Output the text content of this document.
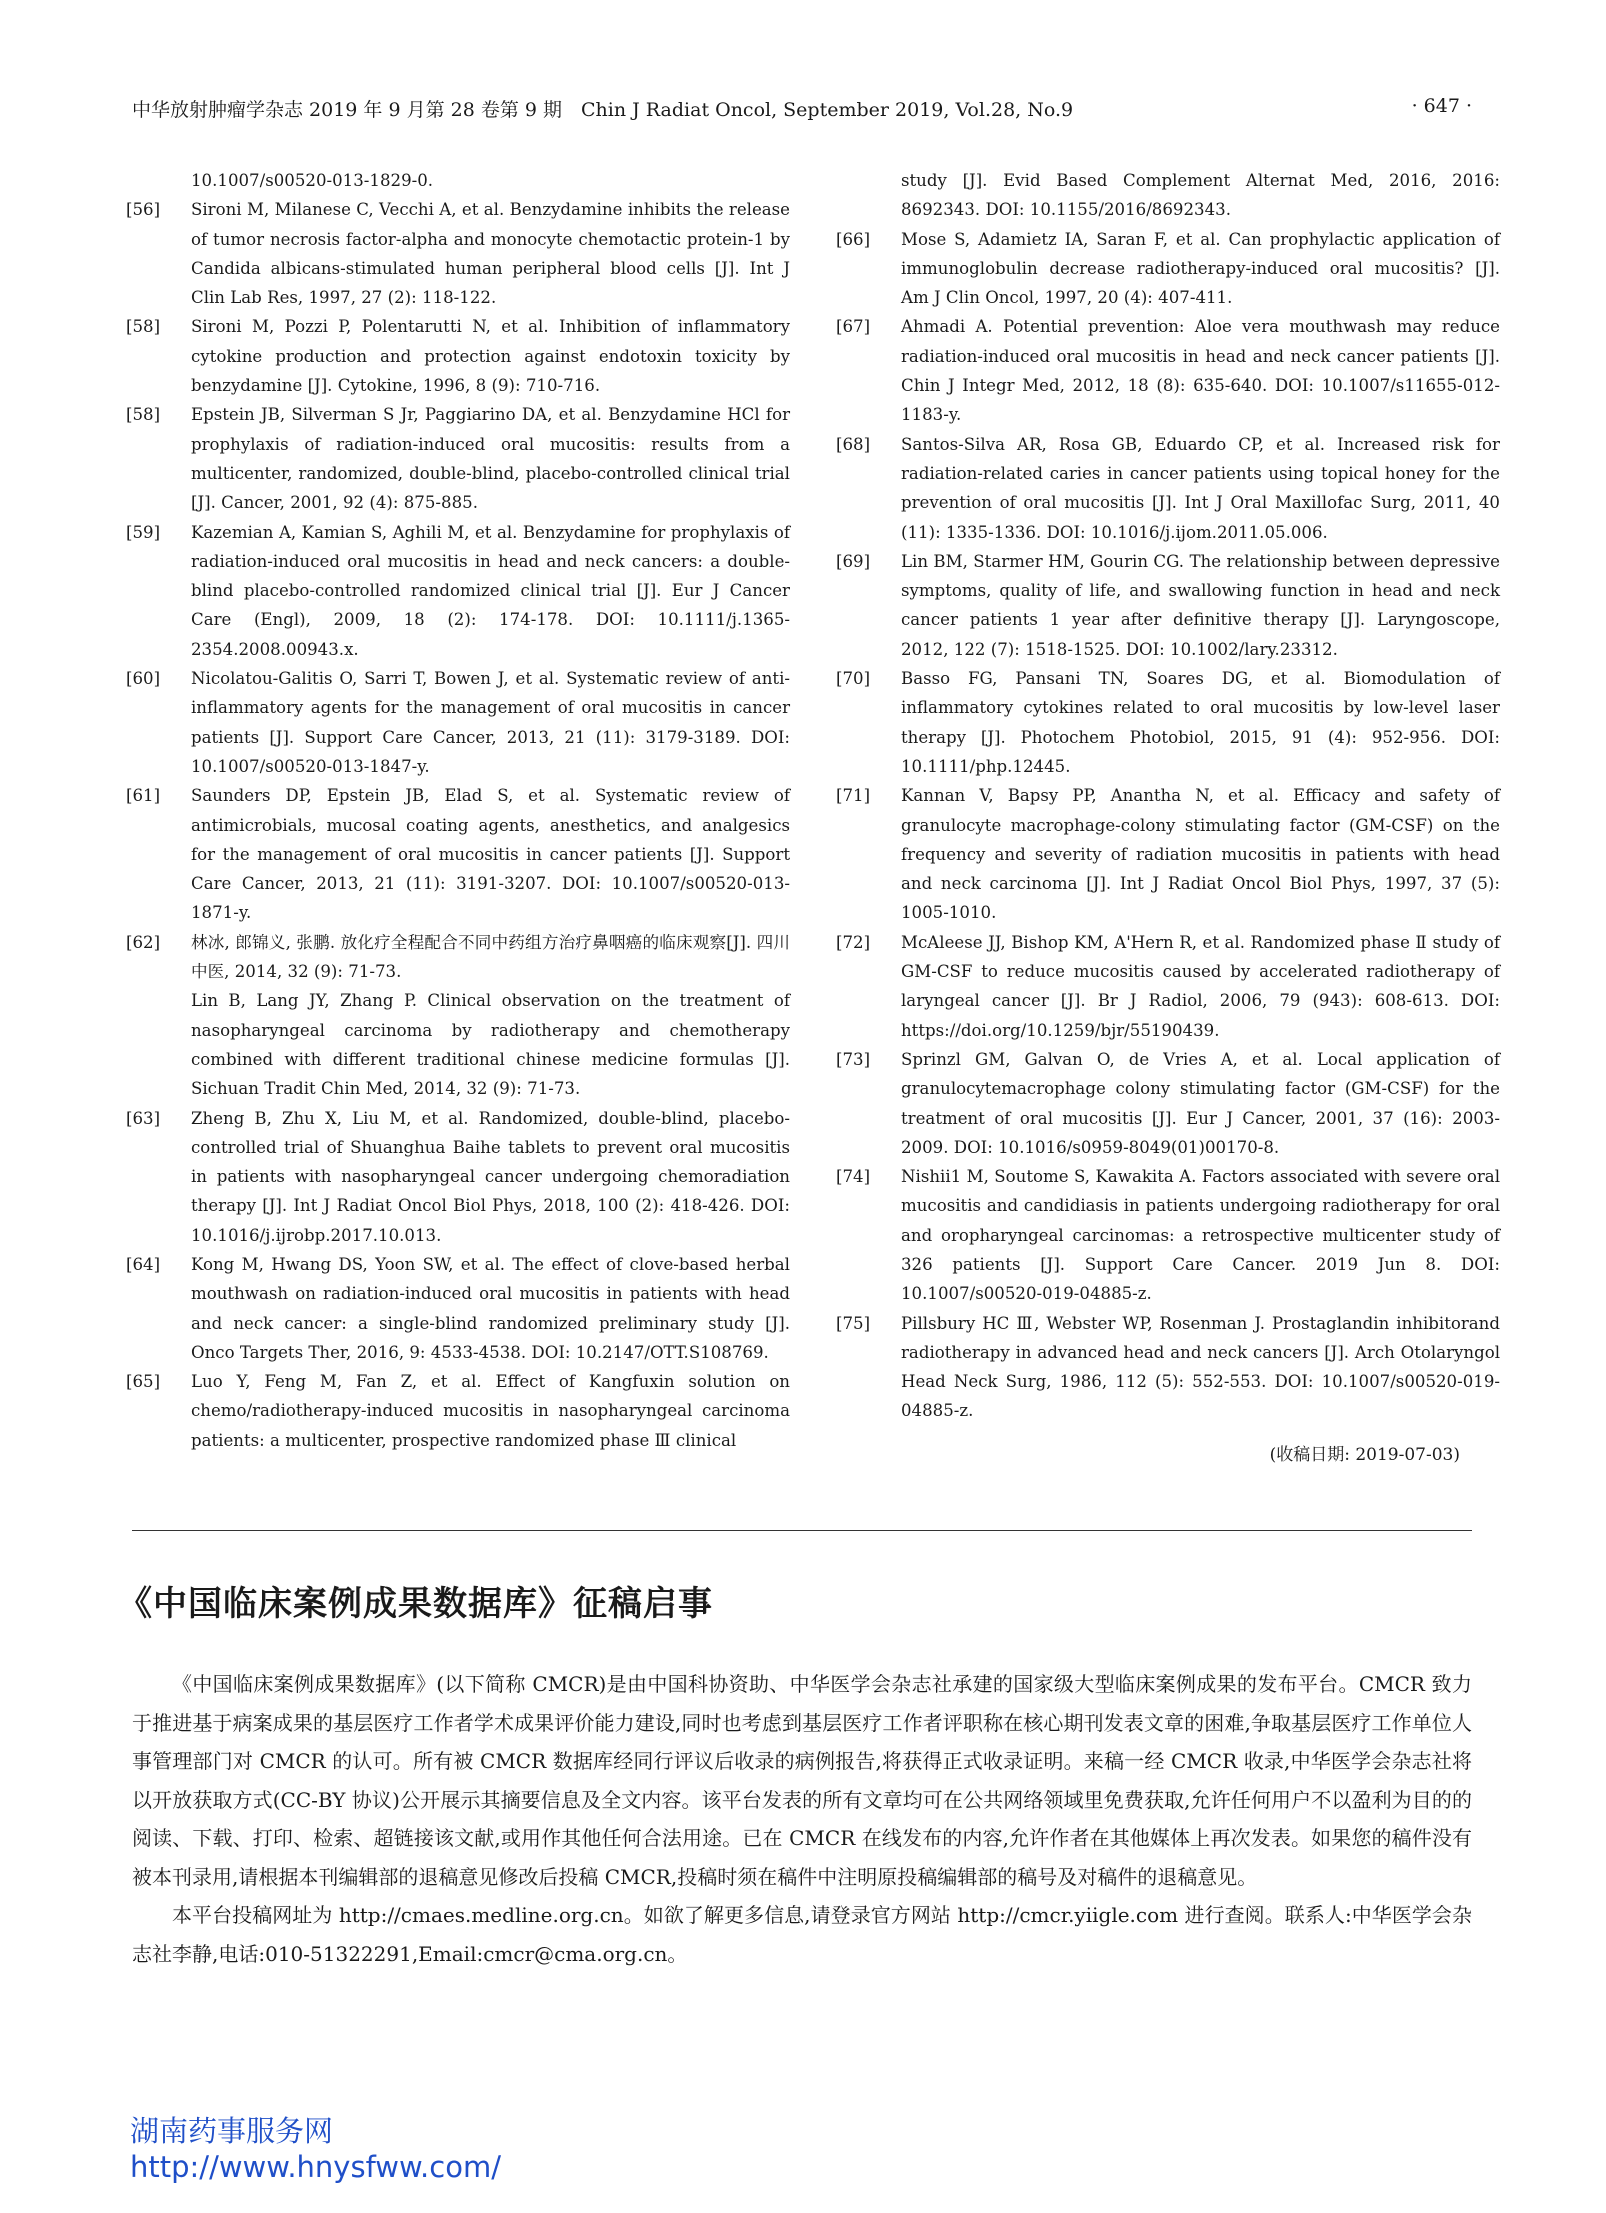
中华放射肿瘤学杂志 2019 年 9 月第 28 卷第 9 期　Chin J Radiat Oncol, September 2019, Vol.28, No.9	· 647 ·

10.1007/s00520-013-1829-0.

[56] Sironi M, Milanese C, Vecchi A, et al. Benzydamine inhibits the release of tumor necrosis factor-alpha and monocyte chemotactic protein-1 by Candida albicans-stimulated human peripheral blood cells [J]. Int J Clin Lab Res, 1997, 27 (2): 118-122.

[58] Sironi M, Pozzi P, Polentarutti N, et al. Inhibition of inflammatory cytokine production and protection against endotoxin toxicity by benzydamine [J]. Cytokine, 1996, 8 (9): 710-716.

[58] Epstein JB, Silverman S Jr, Paggiarino DA, et al. Benzydamine HCl for prophylaxis of radiation-induced oral mucositis: results from a multicenter, randomized, double-blind, placebo-controlled clinical trial [J]. Cancer, 2001, 92 (4): 875-885.

[59] Kazemian A, Kamian S, Aghili M, et al. Benzydamine for prophylaxis of radiation-induced oral mucositis in head and neck cancers: a double-blind placebo-controlled randomized clinical trial [J]. Eur J Cancer Care (Engl), 2009, 18 (2): 174-178. DOI: 10.1111/j.1365-2354.2008.00943.x.

[60] Nicolatou-Galitis O, Sarri T, Bowen J, et al. Systematic review of anti-inflammatory agents for the management of oral mucositis in cancer patients [J]. Support Care Cancer, 2013, 21 (11): 3179-3189. DOI: 10.1007/s00520-013-1847-y.

[61] Saunders DP, Epstein JB, Elad S, et al. Systematic review of antimicrobials, mucosal coating agents, anesthetics, and analgesics for the management of oral mucositis in cancer patients [J]. Support Care Cancer, 2013, 21 (11): 3191-3207. DOI: 10.1007/s00520-013-1871-y.

[62] 林冰, 郎锦义, 张鹏. 放化疗全程配合不同中药组方治疗鼻咽癌的临床观察[J]. 四川中医, 2014, 32 (9): 71-73.

Lin B, Lang JY, Zhang P. Clinical observation on the treatment of nasopharyngeal carcinoma by radiotherapy and chemotherapy combined with different traditional chinese medicine formulas [J]. Sichuan Tradit Chin Med, 2014, 32 (9): 71-73.

[63] Zheng B, Zhu X, Liu M, et al. Randomized, double-blind, placebo-controlled trial of Shuanghua Baihe tablets to prevent oral mucositis in patients with nasopharyngeal cancer undergoing chemoradiation therapy [J]. Int J Radiat Oncol Biol Phys, 2018, 100 (2): 418-426. DOI: 10.1016/j.ijrobp.2017.10.013.

[64] Kong M, Hwang DS, Yoon SW, et al. The effect of clove-based herbal mouthwash on radiation-induced oral mucositis in patients with head and neck cancer: a single-blind randomized preliminary study [J]. Onco Targets Ther, 2016, 9: 4533-4538. DOI: 10.2147/OTT.S108769.

[65] Luo Y, Feng M, Fan Z, et al. Effect of Kangfuxin solution on chemo/radiotherapy-induced mucositis in nasopharyngeal carcinoma patients: a multicenter, prospective randomized phase Ⅲ clinical

study [J]. Evid Based Complement Alternat Med, 2016, 2016: 8692343. DOI: 10.1155/2016/8692343.

[66] Mose S, Adamietz IA, Saran F, et al. Can prophylactic application of immunoglobulin decrease radiotherapy-induced oral mucositis? [J]. Am J Clin Oncol, 1997, 20 (4): 407-411.

[67] Ahmadi A. Potential prevention: Aloe vera mouthwash may reduce radiation-induced oral mucositis in head and neck cancer patients [J]. Chin J Integr Med, 2012, 18 (8): 635-640. DOI: 10.1007/s11655-012-1183-y.

[68] Santos-Silva AR, Rosa GB, Eduardo CP, et al. Increased risk for radiation-related caries in cancer patients using topical honey for the prevention of oral mucositis [J]. Int J Oral Maxillofac Surg, 2011, 40 (11): 1335-1336. DOI: 10.1016/j.ijom.2011.05.006.

[69] Lin BM, Starmer HM, Gourin CG. The relationship between depressive symptoms, quality of life, and swallowing function in head and neck cancer patients 1 year after definitive therapy [J]. Laryngoscope, 2012, 122 (7): 1518-1525. DOI: 10.1002/lary.23312.

[70] Basso FG, Pansani TN, Soares DG, et al. Biomodulation of inflammatory cytokines related to oral mucositis by low-level laser therapy [J]. Photochem Photobiol, 2015, 91 (4): 952-956. DOI: 10.1111/php.12445.

[71] Kannan V, Bapsy PP, Anantha N, et al. Efficacy and safety of granulocyte macrophage-colony stimulating factor (GM-CSF) on the frequency and severity of radiation mucositis in patients with head and neck carcinoma [J]. Int J Radiat Oncol Biol Phys, 1997, 37 (5): 1005-1010.

[72] McAleese JJ, Bishop KM, A'Hern R, et al. Randomized phase Ⅱ study of GM-CSF to reduce mucositis caused by accelerated radiotherapy of laryngeal cancer [J]. Br J Radiol, 2006, 79 (943): 608-613. DOI: https://doi.org/10.1259/bjr/55190439.

[73] Sprinzl GM, Galvan O, de Vries A, et al. Local application of granulocytemacrophage colony stimulating factor (GM-CSF) for the treatment of oral mucositis [J]. Eur J Cancer, 2001, 37 (16): 2003-2009. DOI: 10.1016/s0959-8049(01)00170-8.

[74] Nishii1 M, Soutome S, Kawakita A. Factors associated with severe oral mucositis and candidiasis in patients undergoing radiotherapy for oral and oropharyngeal carcinomas: a retrospective multicenter study of 326 patients [J]. Support Care Cancer. 2019 Jun 8. DOI: 10.1007/s00520-019-04885-z.

[75] Pillsbury HC Ⅲ, Webster WP, Rosenman J. Prostaglandin inhibitorand radiotherapy in advanced head and neck cancers [J]. Arch Otolaryngol Head Neck Surg, 1986, 112 (5): 552-553. DOI: 10.1007/s00520-019-04885-z.

(收稿日期: 2019-07-03)
《中国临床案例成果数据库》征稿启事

《中国临床案例成果数据库》(以下简称 CMCR)是由中国科协资助、中华医学会杂志社承建的国家级大型临床案例成果的发布平台。CMCR 致力于推进基于病案成果的基层医疗工作者学术成果评价能力建设,同时也考虑到基层医疗工作者评职称在核心期刊发表文章的困难,争取基层医疗工作单位人事管理部门对 CMCR 的认可。所有被 CMCR 数据库经同行评议后收录的病例报告,将获得正式收录证明。来稿一经 CMCR 收录,中华医学会杂志社将以开放获取方式(CC-BY 协议)公开展示其摘要信息及全文内容。该平台发表的所有文章均可在公共网络领域里免费获取,允许任何用户不以盈利为目的的阅读、下载、打印、检索、超链接该文献,或用作其他任何合法用途。已在 CMCR 在线发布的内容,允许作者在其他媒体上再次发表。如果您的稿件没有被本刊录用,请根据本刊编辑部的退稿意见修改后投稿 CMCR,投稿时须在稿件中注明原投稿编辑部的稿号及对稿件的退稿意见。

本平台投稿网址为 http://cmaes.medline.org.cn。如欲了解更多信息,请登录官方网站 http://cmcr.yiigle.com 进行查阅。联系人:中华医学会杂志社李静,电话:010-51322291,Email:cmcr@cma.org.cn。

湖南药事服务网
http://www.hnysfww.com/
